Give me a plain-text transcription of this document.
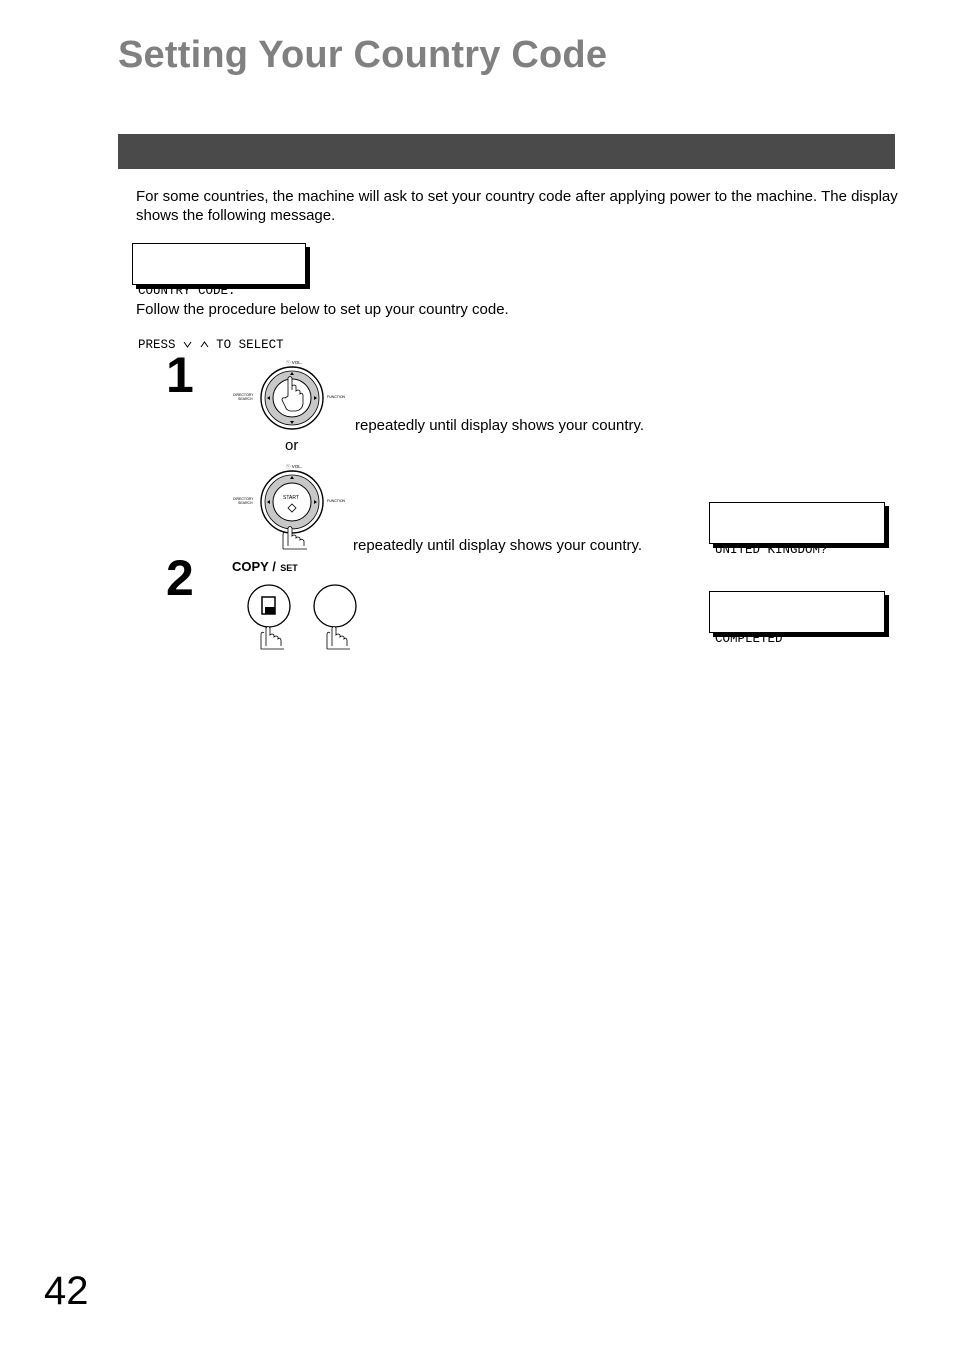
Setting Your Country Code
For some countries, the machine will ask to set your country code after applying power to the machine. The display shows the following message.

COUNTRY CODE:

PRESS	TO SELECT

Follow the procedure below to set up your country code.
1	ⓥ VOL.
DIRECTORY
SEARCH	FUNCTION
repeatedly until display shows your country.
or
ⓥ VOL.
DIRECTORY
SEARCH	FUNCTION
START
repeatedly until display shows your country.

	UNITED KINGDOM?

2	COPY / SET

COMPLETED

42
